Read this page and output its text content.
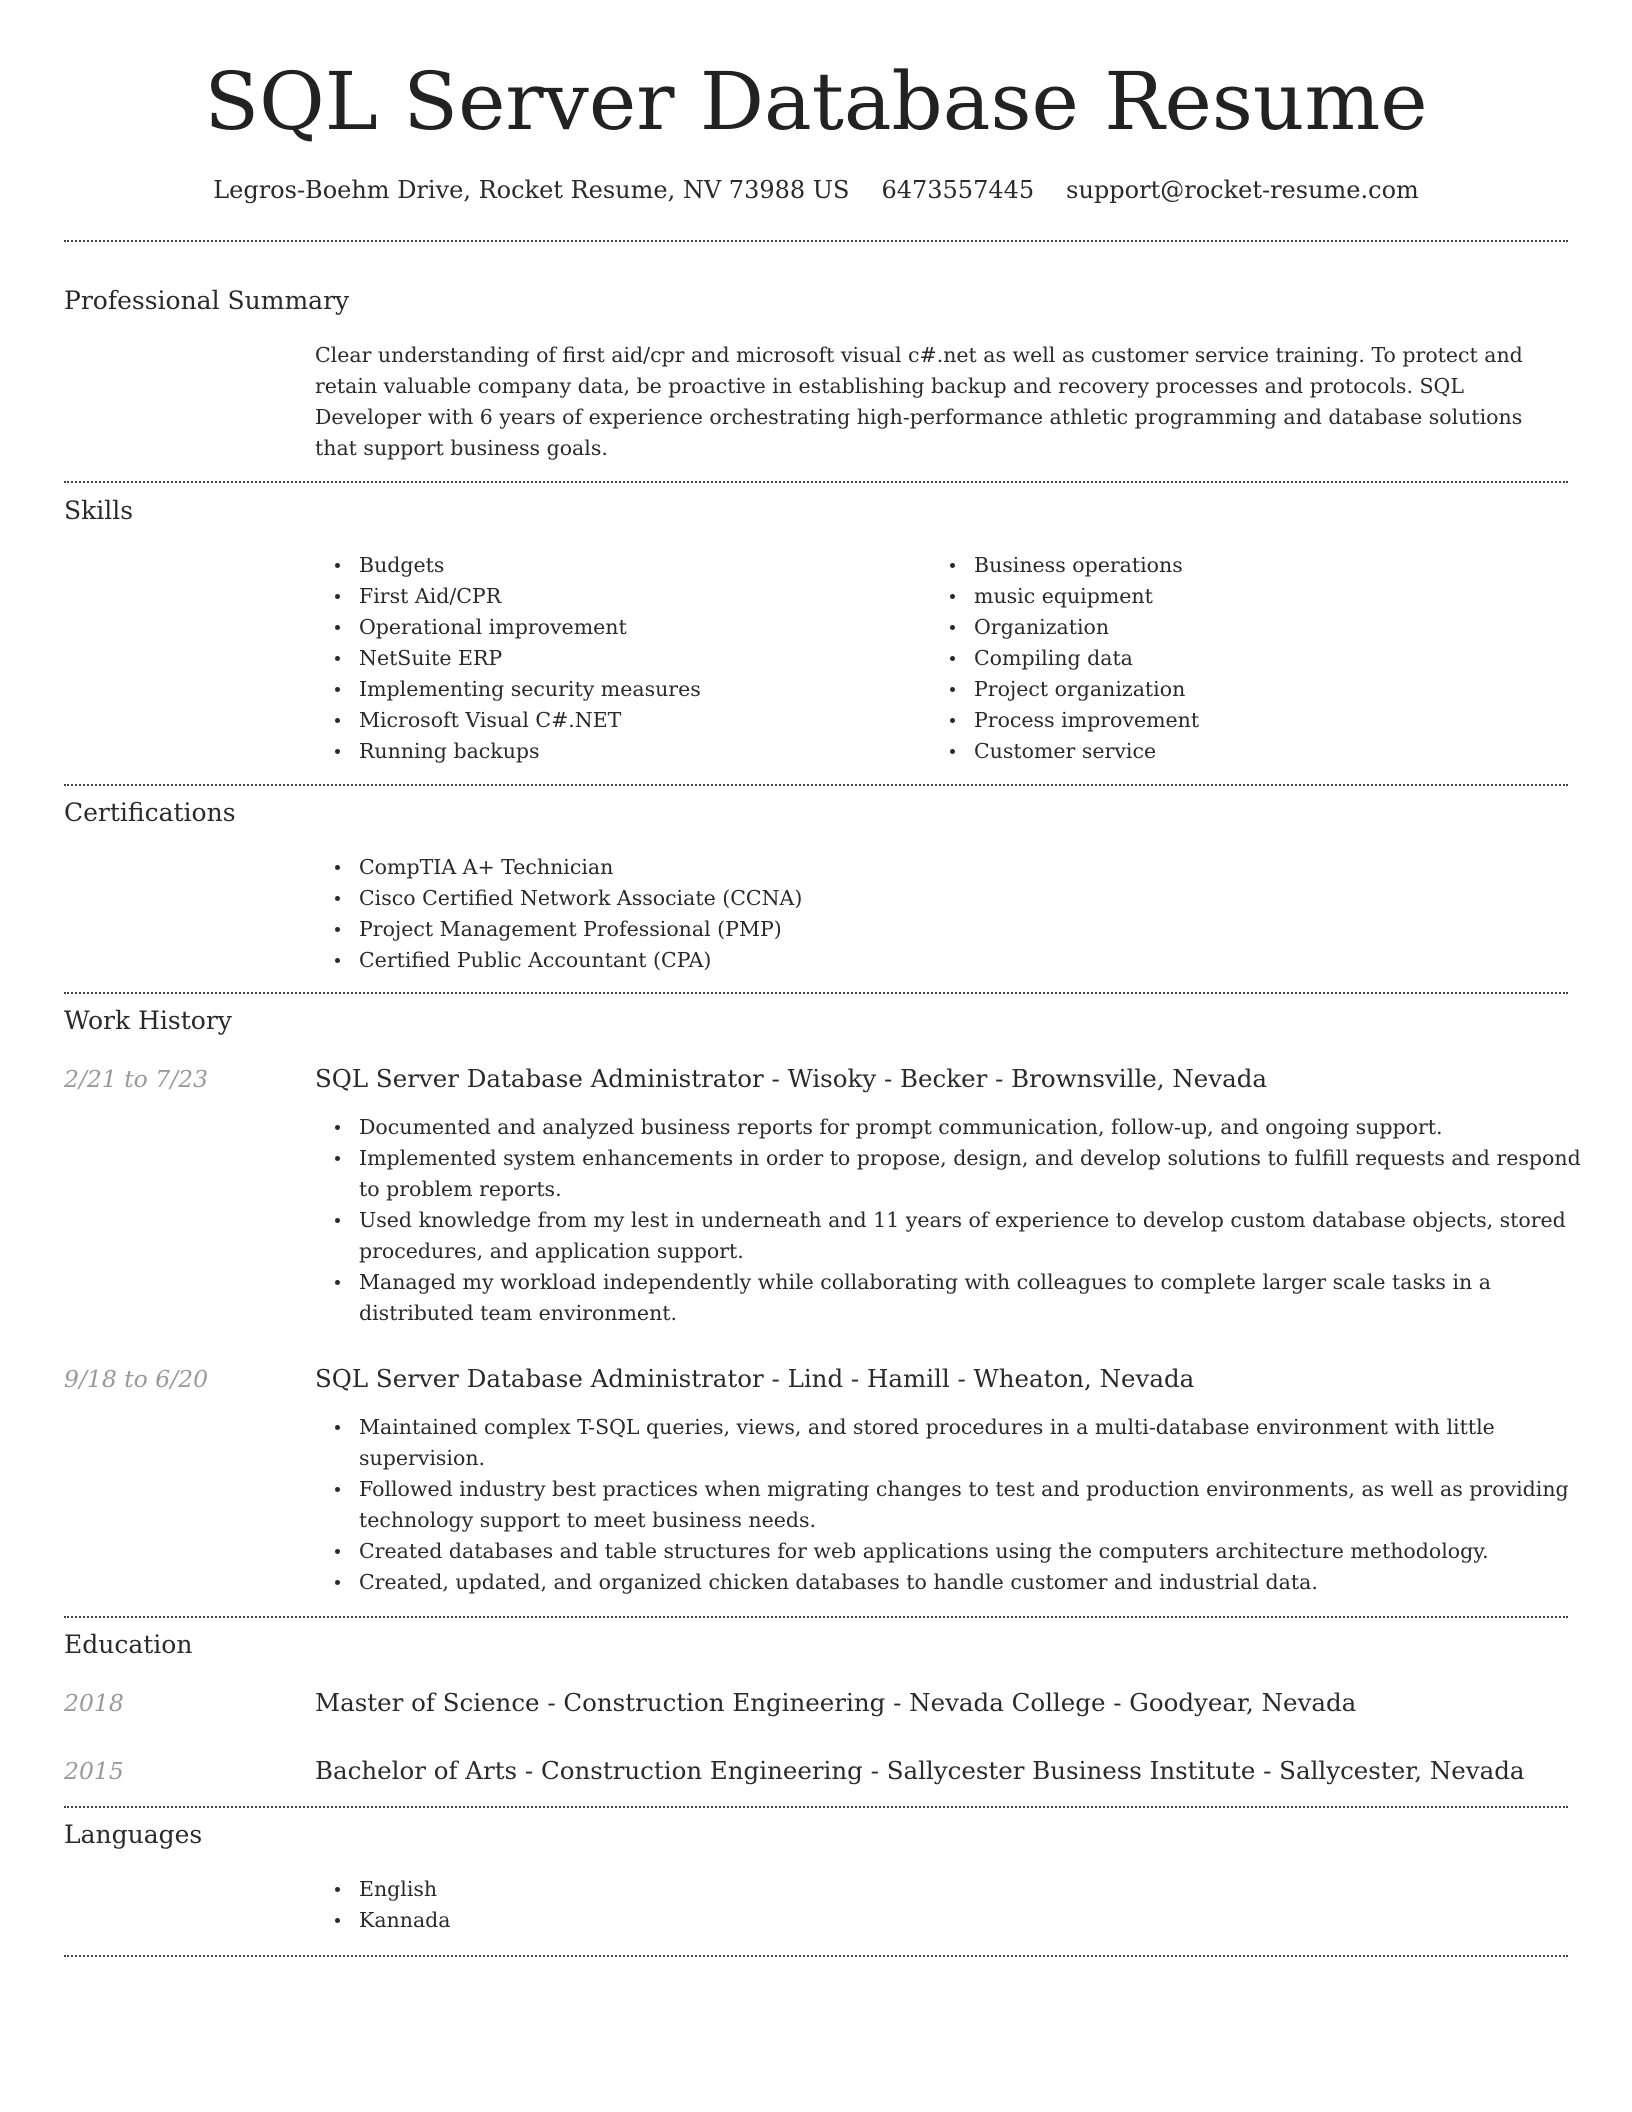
SQL Server Database Resume
Legros-Boehm Drive, Rocket Resume, NV 73988 US 6473557445 support@rocket-resume.com
Professional Summary

Clear understanding of first aid/cpr and microsoft visual c#.net as well as customer service training. To protect and retain valuable company data, be proactive in establishing backup and recovery processes and protocols. SQL Developer with 6 years of experience orchestrating high-performance athletic programming and database solutions that support business goals.

Skills
Budgets
First Aid/CPR
Operational improvement
NetSuite ERP
Implementing security measures
Microsoft Visual C#.NET
Running backups
Business operations
music equipment
Organization
Compiling data
Project organization
Process improvement
Customer service
Certifications
CompTIA A+ Technician
Cisco Certified Network Associate (CCNA)
Project Management Professional (PMP)
Certified Public Accountant (CPA)
Work History
2/21 to 7/23	SQL Server Database Administrator - Wisoky - Becker - Brownsville, Nevada
Documented and analyzed business reports for prompt communication, follow-up, and ongoing support.
Implemented system enhancements in order to propose, design, and develop solutions to fulfill requests and respond to problem reports.
Used knowledge from my lest in underneath and 11 years of experience to develop custom database objects, stored procedures, and application support.
Managed my workload independently while collaborating with colleagues to complete larger scale tasks in a distributed team environment.
9/18 to 6/20	SQL Server Database Administrator - Lind - Hamill - Wheaton, Nevada
Maintained complex T-SQL queries, views, and stored procedures in a multi-database environment with little supervision.
Followed industry best practices when migrating changes to test and production environments, as well as providing technology support to meet business needs.
Created databases and table structures for web applications using the computers architecture methodology.
Created, updated, and organized chicken databases to handle customer and industrial data.
Education
2018	Master of Science - Construction Engineering - Nevada College - Goodyear, Nevada
2015	Bachelor of Arts - Construction Engineering - Sallycester Business Institute - Sallycester, Nevada
Languages
English
Kannada
